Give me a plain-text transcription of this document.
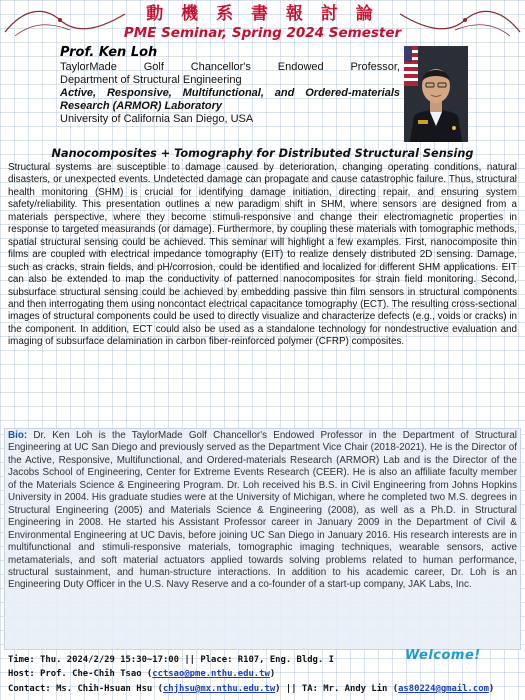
動 機 系 書 報 討 論
PME Seminar, Spring 2024 Semester
Prof. Ken Loh
TaylorMade Golf Chancellor's Endowed Professor,
Department of Structural Engineering
Active, Responsive, Multifunctional, and Ordered-materials
Research (ARMOR) Laboratory
University of California San Diego, USA
Nanocomposites + Tomography for Distributed Structural Sensing
Structural systems are susceptible to damage caused by deterioration, changing operating conditions, natural disasters, or unexpected events. Undetected damage can propagate and cause catastrophic failure. Thus, structural health monitoring (SHM) is crucial for identifying damage initiation, directing repair, and ensuring system safety/reliability. This presentation outlines a new paradigm shift in SHM, where sensors are designed from a materials perspective, where they become stimuli-responsive and change their electromagnetic properties in response to targeted measurands (or damage). Furthermore, by coupling these materials with tomographic methods, spatial structural sensing could be achieved. This seminar will highlight a few examples. First, nanocomposite thin films are coupled with electrical impedance tomography (EIT) to realize densely distributed 2D sensing. Damage, such as cracks, strain fields, and pH/corrosion, could be identified and localized for different SHM applications. EIT can also be extended to map the conductivity of patterned nanocomposites for strain field monitoring. Second, subsurface structural sensing could be achieved by embedding passive thin film sensors in structural components and then interrogating them using noncontact electrical capacitance tomography (ECT). The resulting cross-sectional images of structural components could be used to directly visualize and characterize defects (e.g., voids or cracks) in the component. In addition, ECT could also be used as a standalone technology for nondestructive evaluation and imaging of subsurface delamination in carbon fiber-reinforced polymer (CFRP) composites.
Bio: Dr. Ken Loh is the TaylorMade Golf Chancellor's Endowed Professor in the Department of Structural Engineering at UC San Diego and previously served as the Department Vice Chair (2018-2021). He is the Director of the Active, Responsive, Multifunctional, and Ordered-materials Research (ARMOR) Lab and is the Director of the Jacobs School of Engineering, Center for Extreme Events Research (CEER). He is also an affiliate faculty member of the Materials Science & Engineering Program. Dr. Loh received his B.S. in Civil Engineering from Johns Hopkins University in 2004. His graduate studies were at the University of Michigan, where he completed two M.S. degrees in Structural Engineering (2005) and Materials Science & Engineering (2008), as well as a Ph.D. in Structural Engineering in 2008. He started his Assistant Professor career in January 2009 in the Department of Civil & Environmental Engineering at UC Davis, before joining UC San Diego in January 2016. His research interests are in multifunctional and stimuli-responsive materials, tomographic imaging techniques, wearable sensors, active metamaterials, and soft material actuators applied towards solving problems related to human performance, structural sustainment, and human-structure interactions. In addition to his academic career, Dr. Loh is an Engineering Duty Officer in the U.S. Navy Reserve and a co-founder of a start-up company, JAK Labs, Inc.
Time: Thu. 2024/2/29 15:30~17:00 || Place: R107, Eng. Bldg. I
Host: Prof. Che-Chih Tsao (cctsao@pme.nthu.edu.tw)
Contact: Ms. Chih-Hsuan Hsu (chjhsu@mx.nthu.edu.tw) || TA: Mr. Andy Lin (as80224@gmail.com)
Welcome!
